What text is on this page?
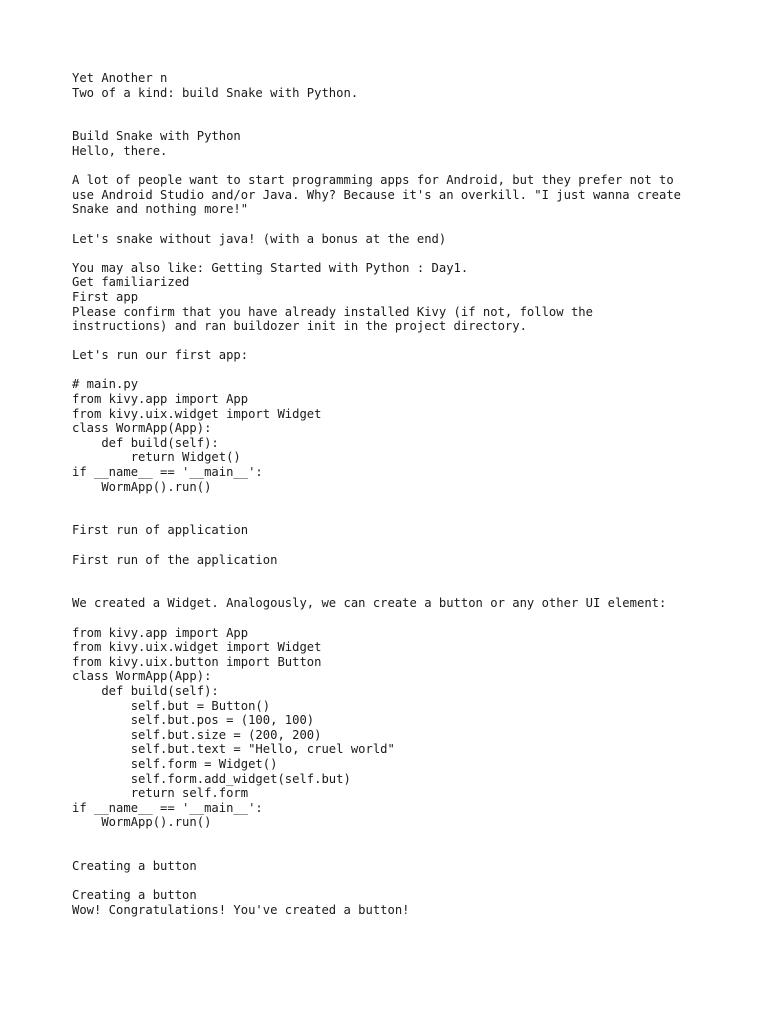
Yet Another n
Two of a kind: build Snake with Python.
Build Snake with Python
Hello, there.
A lot of people want to start programming apps for Android, but they prefer not to
use Android Studio and/or Java. Why? Because it's an overkill. "I just wanna create
Snake and nothing more!"
Let's snake without java! (with a bonus at the end)
You may also like: Getting Started with Python : Day1.
Get familiarized
First app
Please confirm that you have already installed Kivy (if not, follow the
instructions) and ran buildozer init in the project directory.
Let's run our first app:
# main.py
from kivy.app import App
from kivy.uix.widget import Widget
class WormApp(App):
def build(self):
return Widget()
if __name__ == '__main__':
WormApp().run()
First run of application
First run of the application
We created a Widget. Analogously, we can create a button or any other UI element:
from kivy.app import App
from kivy.uix.widget import Widget
from kivy.uix.button import Button
class WormApp(App):
def build(self):
self.but = Button()
self.but.pos = (100, 100)
self.but.size = (200, 200)
self.but.text = "Hello, cruel world"
self.form = Widget()
self.form.add_widget(self.but)
return self.form
if __name__ == '__main__':
WormApp().run()
Creating a button
Creating a button
Wow! Congratulations! You've created a button!
